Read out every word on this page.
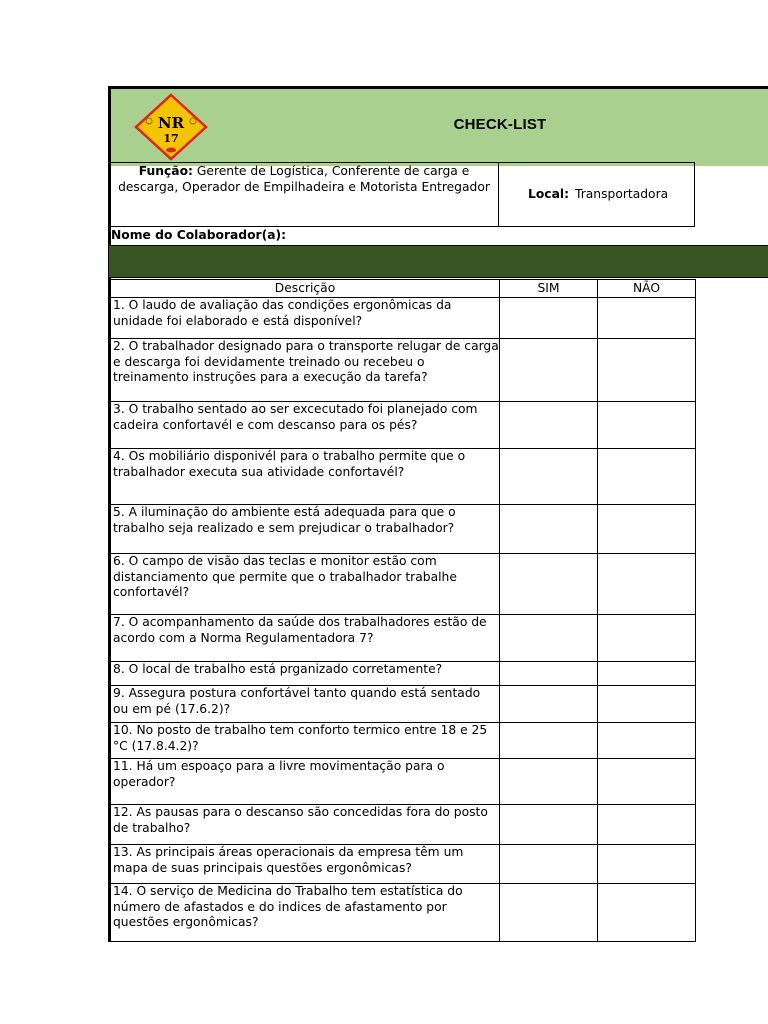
NR
17
CHECK-LIST
Função: Gerente de Logística, Conferente de carga e descarga, Operador de Empilhadeira e Motorista Entregador	Local: Transportadora
Nome do Colaborador(a):
Descrição	SIM	NÃO
1. O laudo de avaliação das condições ergonômicas da unidade foi elaborado e está disponível?		
2. O trabalhador designado para o transporte relugar de carga e descarga foi devidamente treinado ou recebeu o treinamento instruções para a execução da tarefa?		
3. O trabalho sentado ao ser excecutado foi planejado com cadeira confortavél e com descanso para os pés?		
4. Os mobiliário disponivél para o trabalho permite que o trabalhador executa sua atividade confortavél?		
5. A iluminação do ambiente está adequada para que o trabalho seja realizado e sem prejudicar o trabalhador?		
6. O campo de visão das teclas e monitor estão com distanciamento que permite que o trabalhador trabalhe confortavél?		
7. O acompanhamento da saúde dos trabalhadores estão de acordo com a Norma Regulamentadora 7?		
8. O local de trabalho está prganizado corretamente?		
9. Assegura postura confortável tanto quando está sentado ou em pé (17.6.2)?		
10. No posto de trabalho tem conforto termico entre 18 e 25 °C (17.8.4.2)?		
11. Há um espoaço para a livre movimentação para o operador?		
12. As pausas para o descanso são concedidas fora do posto de trabalho?		
13. As principais áreas operacionais da empresa têm um mapa de suas principais questões ergonômicas?		
14. O serviço de Medicina do Trabalho tem estatística do número de afastados e do indices de afastamento por questões ergonômicas?		
